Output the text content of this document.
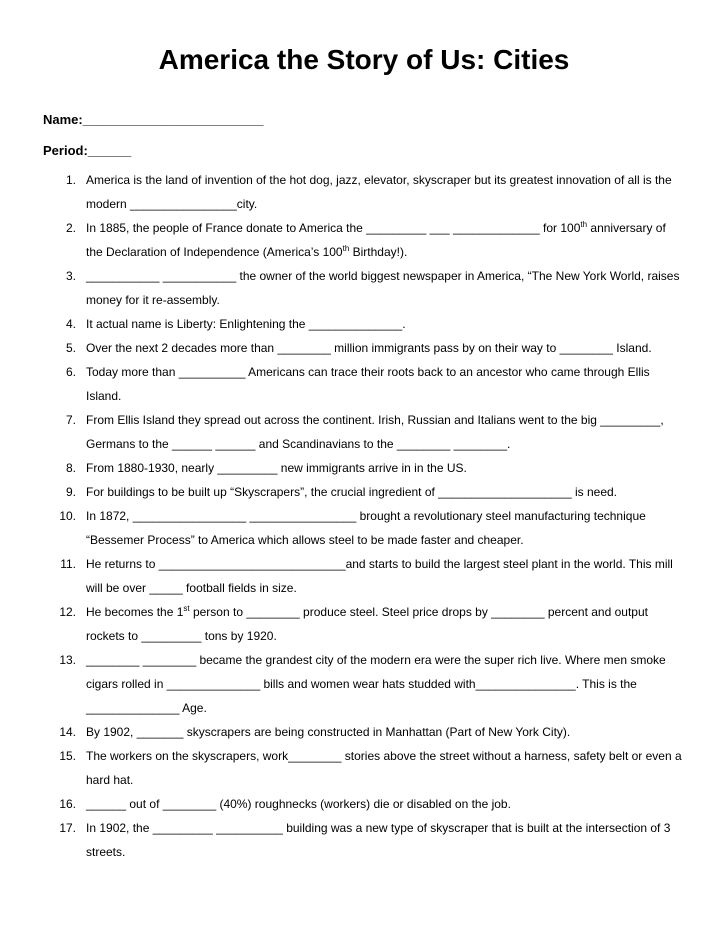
America the Story of Us: Cities
Name:_________________________
Period:______
1. America is the land of invention of the hot dog, jazz, elevator, skyscraper but its greatest innovation of all is the
modern ________________city.
2. In 1885, the people of France donate to America the _________ ___ _____________ for 100th anniversary of
the Declaration of Independence (America’s 100th Birthday!).
3. ___________ ___________ the owner of the world biggest newspaper in America, “The New York World, raises
money for it re-assembly.
4. It actual name is Liberty: Enlightening the ______________.
5. Over the next 2 decades more than ________ million immigrants pass by on their way to ________ Island.
6. Today more than __________ Americans can trace their roots back to an ancestor who came through Ellis
Island.
7. From Ellis Island they spread out across the continent. Irish, Russian and Italians went to the big _________,
Germans to the ______ ______ and Scandinavians to the ________ ________.
8. From 1880-1930, nearly _________ new immigrants arrive in in the US.
9. For buildings to be built up “Skyscrapers”, the crucial ingredient of ____________________ is need.
10. In 1872, _________________ ________________ brought a revolutionary steel manufacturing technique
“Bessemer Process” to America which allows steel to be made faster and cheaper.
11. He returns to ____________________________and starts to build the largest steel plant in the world. This mill
will be over _____ football fields in size.
12. He becomes the 1st person to ________ produce steel. Steel price drops by ________ percent and output
rockets to _________ tons by 1920.
13. ________ ________ became the grandest city of the modern era were the super rich live. Where men smoke
cigars rolled in ______________ bills and women wear hats studded with_______________. This is the
______________ Age.
14. By 1902, _______ skyscrapers are being constructed in Manhattan (Part of New York City).
15. The workers on the skyscrapers, work________ stories above the street without a harness, safety belt or even a
hard hat.
16. ______ out of ________ (40%) roughnecks (workers) die or disabled on the job.
17. In 1902, the _________ __________ building was a new type of skyscraper that is built at the intersection of 3
streets.
